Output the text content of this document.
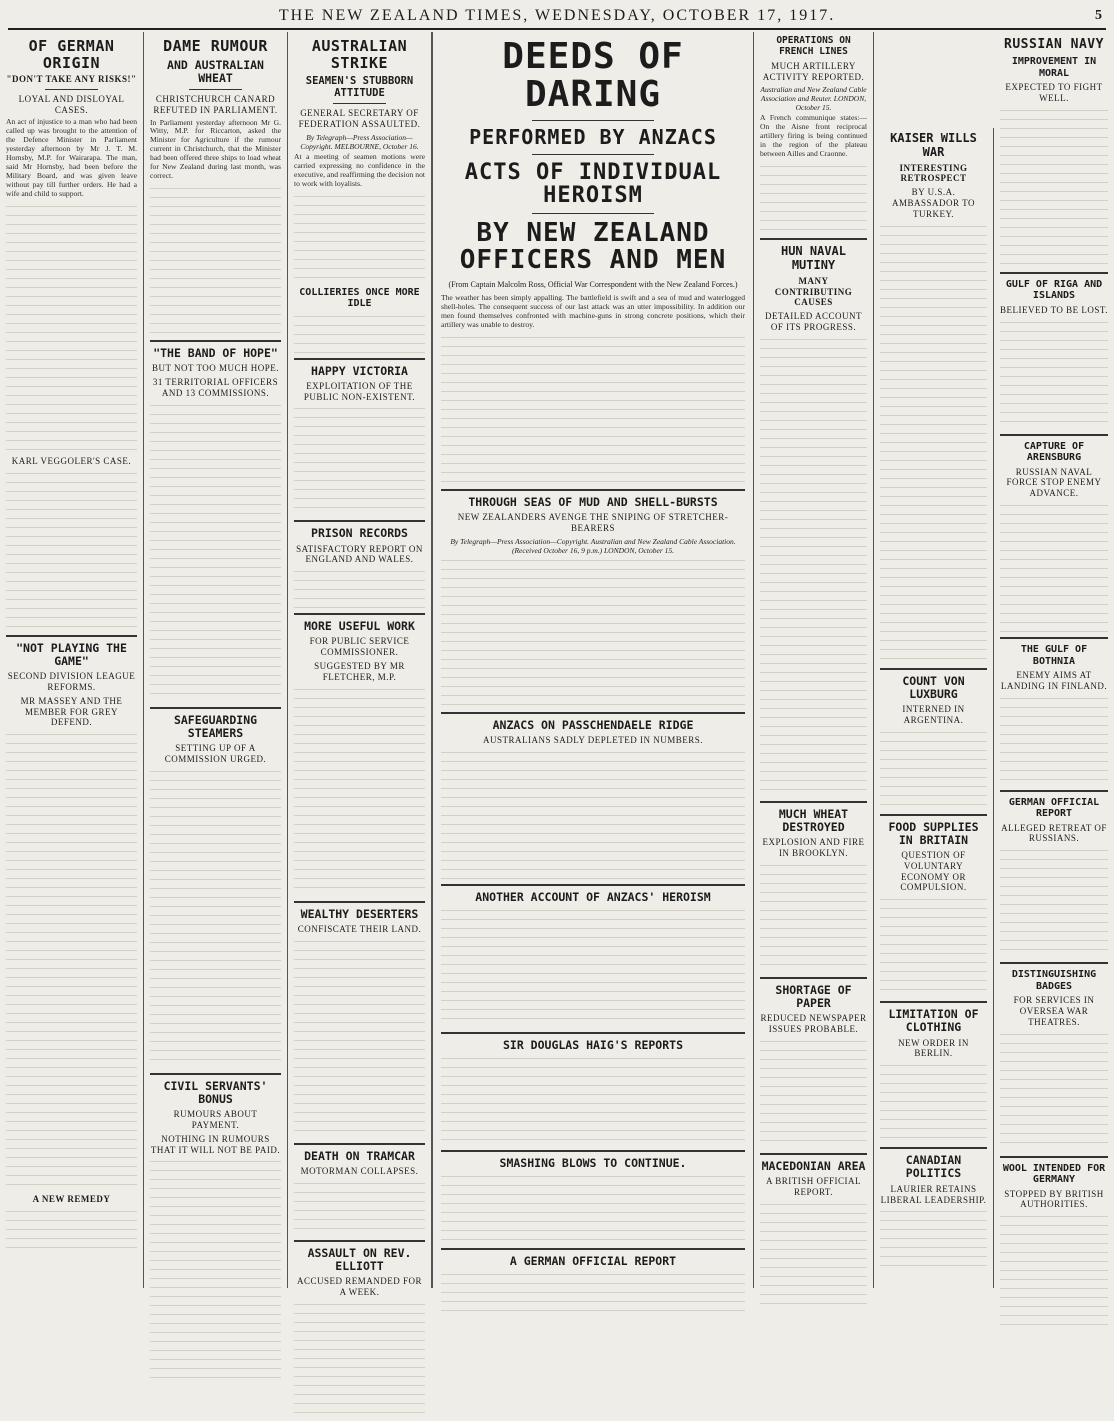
THE NEW ZEALAND TIMES, WEDNESDAY, OCTOBER 17, 1917.	5
OF GERMAN ORIGIN
"DON'T TAKE ANY RISKS!"
LOYAL AND DISLOYAL CASES.
An act of injustice to a man who had been called up was brought to the attention of the Defence Minister in Parliament yesterday afternoon by Mr J. T. M. Hornsby, M.P. for Wairarapa. The man, said Mr Hornsby, had been before the Military Board, and was given leave without pay till further orders. He had a wife and child to support.
KARL VEGGOLER'S CASE.
"NOT PLAYING THE GAME"
SECOND DIVISION LEAGUE REFORMS.
MR MASSEY AND THE MEMBER FOR GREY DEFEND.
A NEW REMEDY
DAME RUMOUR
AND AUSTRALIAN WHEAT
CHRISTCHURCH CANARD REFUTED IN PARLIAMENT.
In Parliament yesterday afternoon Mr G. Witty, M.P. for Riccarton, asked the Minister for Agriculture if the rumour current in Christchurch, that the Minister had been offered three ships to load wheat for New Zealand during last month, was correct.
"THE BAND OF HOPE"
BUT NOT TOO MUCH HOPE.
31 TERRITORIAL OFFICERS AND 13 COMMISSIONS.
SAFEGUARDING STEAMERS
SETTING UP OF A COMMISSION URGED.
CIVIL SERVANTS' BONUS
RUMOURS ABOUT PAYMENT.
NOTHING IN RUMOURS THAT IT WILL NOT BE PAID.
AUSTRALIAN STRIKE
SEAMEN'S STUBBORN ATTITUDE
GENERAL SECRETARY OF FEDERATION ASSAULTED.
By Telegraph—Press Association—Copyright. MELBOURNE, October 16.
At a meeting of seamen motions were carried expressing no confidence in the executive, and reaffirming the decision not to work with loyalists.
COLLIERIES ONCE MORE IDLE
HAPPY VICTORIA
EXPLOITATION OF THE PUBLIC NON-EXISTENT.
PRISON RECORDS
SATISFACTORY REPORT ON ENGLAND AND WALES.
MORE USEFUL WORK
FOR PUBLIC SERVICE COMMISSIONER.
SUGGESTED BY MR FLETCHER, M.P.
WEALTHY DESERTERS
CONFISCATE THEIR LAND.
DEATH ON TRAMCAR
MOTORMAN COLLAPSES.
ASSAULT ON REV. ELLIOTT
ACCUSED REMANDED FOR A WEEK.
DEEDS OF DARING
PERFORMED BY ANZACS
ACTS OF INDIVIDUAL HEROISM
BY NEW ZEALAND OFFICERS AND MEN
(From Captain Malcolm Ross, Official War Correspondent with the New Zealand Forces.)
The weather has been simply appalling. The battlefield is swift and a sea of mud and waterlogged shell-holes. The consequent success of our last attack was an utter impossibility. In addition our men found themselves confronted with machine-guns in strong concrete positions, which their artillery was unable to destroy.
THROUGH SEAS OF MUD AND SHELL-BURSTS
NEW ZEALANDERS AVENGE THE SNIPING OF STRETCHER-BEARERS
By Telegraph—Press Association—Copyright. Australian and New Zealand Cable Association. (Received October 16, 9 p.m.) LONDON, October 15.
ANZACS ON PASSCHENDAELE RIDGE
AUSTRALIANS SADLY DEPLETED IN NUMBERS.
ANOTHER ACCOUNT OF ANZACS' HEROISM
SIR DOUGLAS HAIG'S REPORTS
SMASHING BLOWS TO CONTINUE.
A GERMAN OFFICIAL REPORT
OPERATIONS ON FRENCH LINES
MUCH ARTILLERY ACTIVITY REPORTED.
Australian and New Zealand Cable Association and Reuter. LONDON, October 15.
A French communique states:—On the Aisne front reciprocal artillery firing is being continued in the region of the plateau between Ailles and Craonne.
HUN NAVAL MUTINY
MANY CONTRIBUTING CAUSES
DETAILED ACCOUNT OF ITS PROGRESS.
MUCH WHEAT DESTROYED
EXPLOSION AND FIRE IN BROOKLYN.
SHORTAGE OF PAPER
REDUCED NEWSPAPER ISSUES PROBABLE.
MACEDONIAN AREA
A BRITISH OFFICIAL REPORT.
KAISER WILLS WAR
INTERESTING RETROSPECT
BY U.S.A. AMBASSADOR TO TURKEY.
COUNT VON LUXBURG
INTERNED IN ARGENTINA.
FOOD SUPPLIES IN BRITAIN
QUESTION OF VOLUNTARY ECONOMY OR COMPULSION.
LIMITATION OF CLOTHING
NEW ORDER IN BERLIN.
CANADIAN POLITICS
LAURIER RETAINS LIBERAL LEADERSHIP.
RUSSIAN NAVY
IMPROVEMENT IN MORAL
EXPECTED TO FIGHT WELL.
GULF OF RIGA AND ISLANDS
BELIEVED TO BE LOST.
CAPTURE OF ARENSBURG
RUSSIAN NAVAL FORCE STOP ENEMY ADVANCE.
THE GULF OF BOTHNIA
ENEMY AIMS AT LANDING IN FINLAND.
GERMAN OFFICIAL REPORT
ALLEGED RETREAT OF RUSSIANS.
DISTINGUISHING BADGES
FOR SERVICES IN OVERSEA WAR THEATRES.
WOOL INTENDED FOR GERMANY
STOPPED BY BRITISH AUTHORITIES.
